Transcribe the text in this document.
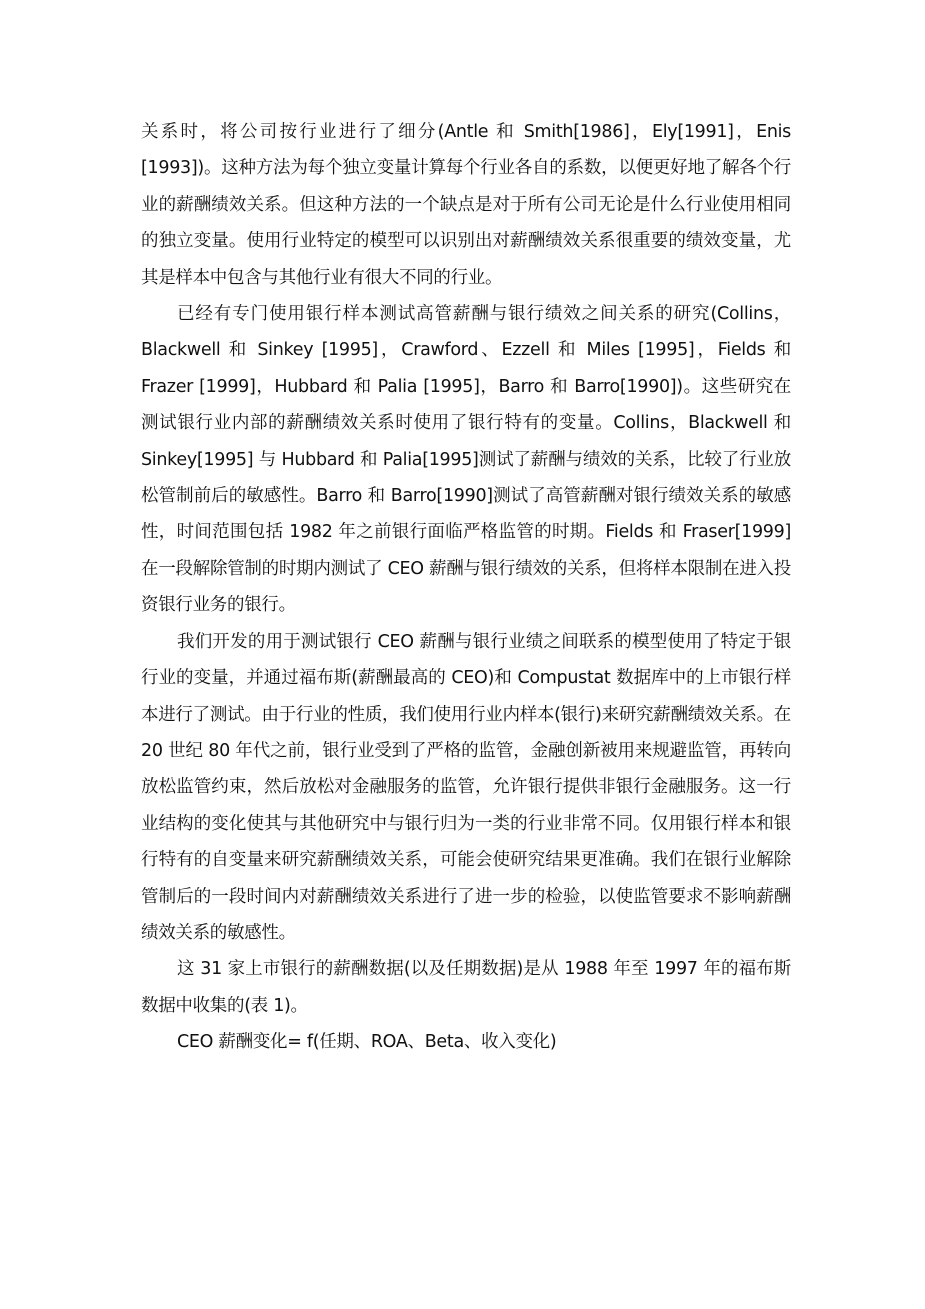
关系时，将公司按行业进行了细分(Antle 和 Smith[1986]，Ely[1991]，Enis [1993])。这种方法为每个独立变量计算每个行业各自的系数，以便更好地了解各个行业的薪酬绩效关系。但这种方法的一个缺点是对于所有公司无论是什么行业使用相同的独立变量。使用行业特定的模型可以识别出对薪酬绩效关系很重要的绩效变量，尤其是样本中包含与其他行业有很大不同的行业。

已经有专门使用银行样本测试高管薪酬与银行绩效之间关系的研究(Collins，Blackwell 和 Sinkey [1995]，Crawford、Ezzell 和 Miles [1995]，Fields 和 Frazer [1999]，Hubbard 和 Palia [1995]，Barro 和 Barro[1990])。这些研究在测试银行业内部的薪酬绩效关系时使用了银行特有的变量。Collins，Blackwell 和 Sinkey[1995] 与 Hubbard 和 Palia[1995]测试了薪酬与绩效的关系，比较了行业放松管制前后的敏感性。Barro 和 Barro[1990]测试了高管薪酬对银行绩效关系的敏感性，时间范围包括 1982 年之前银行面临严格监管的时期。Fields 和 Fraser[1999]在一段解除管制的时期内测试了 CEO 薪酬与银行绩效的关系，但将样本限制在进入投资银行业务的银行。

我们开发的用于测试银行 CEO 薪酬与银行业绩之间联系的模型使用了特定于银行业的变量，并通过福布斯(薪酬最高的 CEO)和 Compustat 数据库中的上市银行样本进行了测试。由于行业的性质，我们使用行业内样本(银行)来研究薪酬绩效关系。在 20 世纪 80 年代之前，银行业受到了严格的监管，金融创新被用来规避监管，再转向放松监管约束，然后放松对金融服务的监管，允许银行提供非银行金融服务。这一行业结构的变化使其与其他研究中与银行归为一类的行业非常不同。仅用银行样本和银行特有的自变量来研究薪酬绩效关系，可能会使研究结果更准确。我们在银行业解除管制后的一段时间内对薪酬绩效关系进行了进一步的检验，以使监管要求不影响薪酬绩效关系的敏感性。

这 31 家上市银行的薪酬数据(以及任期数据)是从 1988 年至 1997 年的福布斯数据中收集的(表 1)。

CEO 薪酬变化= f(任期、ROA、Beta、收入变化)
